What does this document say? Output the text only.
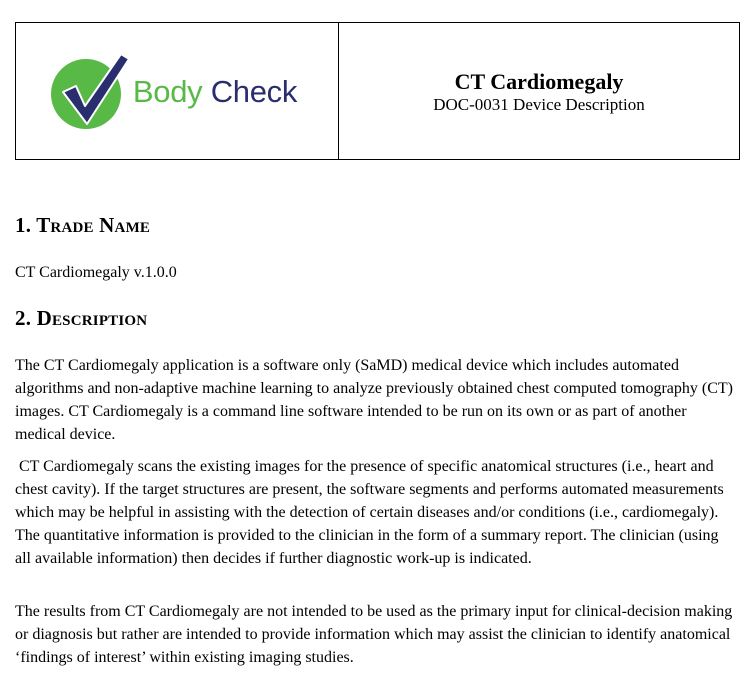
Body Check	CT Cardiomegaly
DOC-0031 Device Description
1. Trade Name

CT Cardiomegaly v.1.0.0

2. Description

The CT Cardiomegaly application is a software only (SaMD) medical device which includes automated algorithms and non-adaptive machine learning to analyze previously obtained chest computed tomography (CT) images. CT Cardiomegaly is a command line software intended to be run on its own or as part of another medical device.

CT Cardiomegaly scans the existing images for the presence of specific anatomical structures (i.e., heart and chest cavity). If the target structures are present, the software segments and performs automated measurements which may be helpful in assisting with the detection of certain diseases and/or conditions (i.e., cardiomegaly). The quantitative information is provided to the clinician in the form of a summary report. The clinician (using all available information) then decides if further diagnostic work-up is indicated.

The results from CT Cardiomegaly are not intended to be used as the primary input for clinical-decision making or diagnosis but rather are intended to provide information which may assist the clinician to identify anatomical ‘findings of interest’ within existing imaging studies.
